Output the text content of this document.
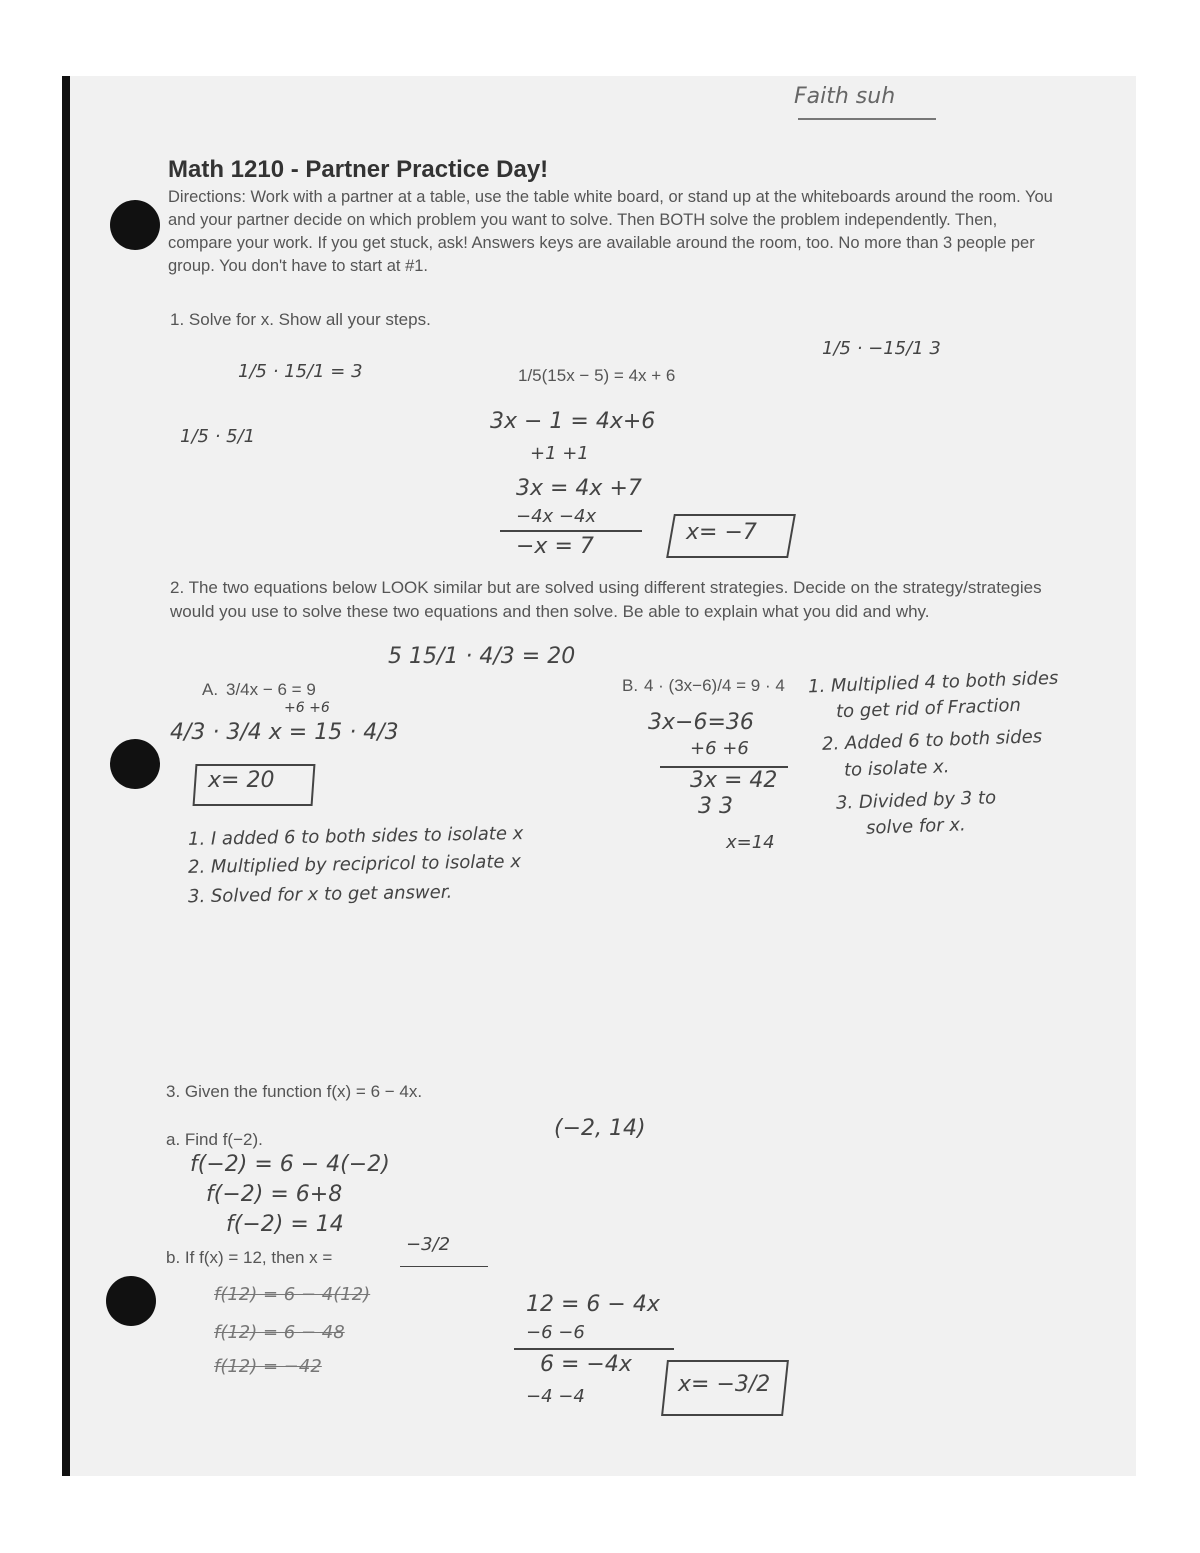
Faith suh
Math 1210 - Partner Practice Day!
Directions: Work with a partner at a table, use the table white board, or stand up at the whiteboards around the room. You and your partner decide on which problem you want to solve. Then BOTH solve the problem independently. Then, compare your work. If you get stuck, ask! Answers keys are available around the room, too. No more than 3 people per group. You don't have to start at #1.
1. Solve for x. Show all your steps.
1/5(15x − 5) = 4x + 6
1/5 · 15/1 = 3
1/5 · 5/1
1/5 · −15/1 3
3x − 1 = 4x+6
+1 +1
3x = 4x +7
−4x −4x
−x = 7
x= −7
2. The two equations below LOOK similar but are solved using different strategies. Decide on the strategy/strategies would you use to solve these two equations and then solve. Be able to explain what you did and why.
5 15/1 · 4/3 = 20
A. 3/4x − 6 = 9
+6 +6
4/3 · 3/4 x = 15 · 4/3
x= 20
1. I added 6 to both sides to isolate x
2. Multiplied by recipricol to isolate x
3. Solved for x to get answer.
B. 4 · (3x−6)/4 = 9 · 4
3x−6=36
+6 +6
3x = 42
3 3
x=14
1. Multiplied 4 to both sides
to get rid of Fraction
2. Added 6 to both sides
to isolate x.
3. Divided by 3 to
solve for x.
3. Given the function f(x) = 6 − 4x.
a. Find f(−2).	(−2, 14)
f(−2) = 6 − 4(−2)
f(−2) = 6+8
f(−2) = 14
b. If f(x) = 12, then x =
−3/2
f(12) = 6 − 4(12)
f(12) = 6 − 48
f(12) = −42
12 = 6 − 4x
−6 −6
6 = −4x
−4 −4	x= −3/2
